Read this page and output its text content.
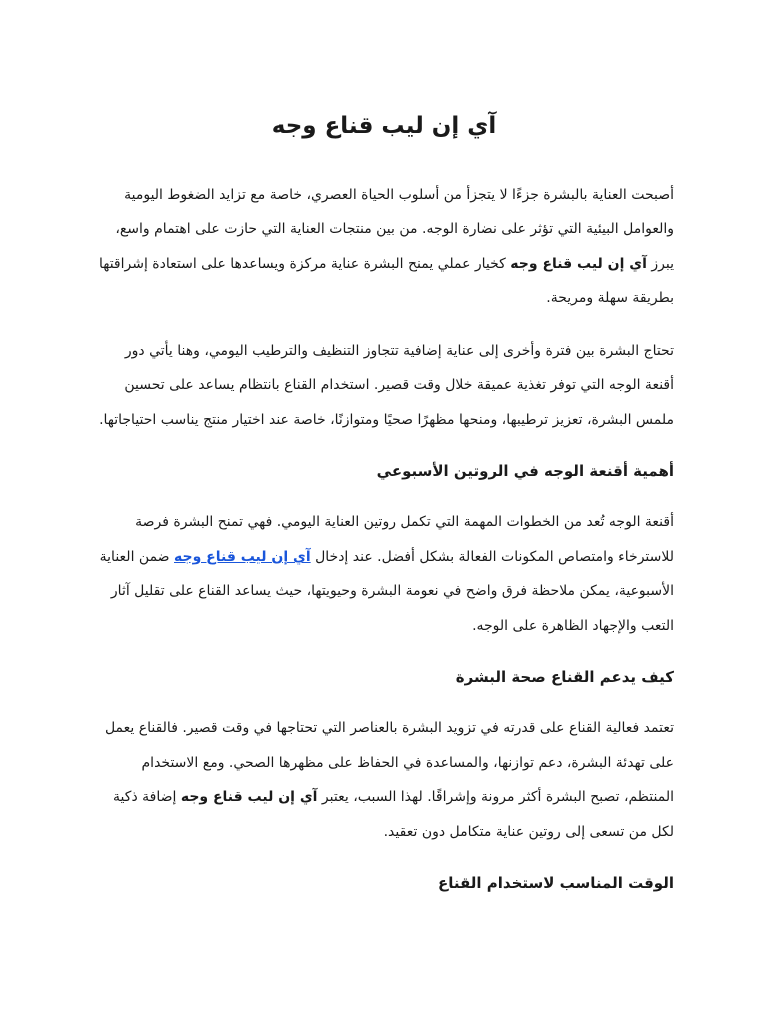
آي إن ليب قناع وجه

أصبحت العناية بالبشرة جزءًا لا يتجزأ من أسلوب الحياة العصري، خاصة مع تزايد الضغوط اليومية والعوامل البيئية التي تؤثر على نضارة الوجه. من بين منتجات العناية التي حازت على اهتمام واسع، يبرز آي إن ليب قناع وجه كخيار عملي يمنح البشرة عناية مركزة ويساعدها على استعادة إشراقتها بطريقة سهلة ومريحة.

تحتاج البشرة بين فترة وأخرى إلى عناية إضافية تتجاوز التنظيف والترطيب اليومي، وهنا يأتي دور أقنعة الوجه التي توفر تغذية عميقة خلال وقت قصير. استخدام القناع بانتظام يساعد على تحسين ملمس البشرة، تعزيز ترطيبها، ومنحها مظهرًا صحيًا ومتوازنًا، خاصة عند اختيار منتج يناسب احتياجاتها.

أهمية أقنعة الوجه في الروتين الأسبوعي

أقنعة الوجه تُعد من الخطوات المهمة التي تكمل روتين العناية اليومي. فهي تمنح البشرة فرصة للاسترخاء وامتصاص المكونات الفعالة بشكل أفضل. عند إدخال آي إن ليب قناع وجه ضمن العناية الأسبوعية، يمكن ملاحظة فرق واضح في نعومة البشرة وحيويتها، حيث يساعد القناع على تقليل آثار التعب والإجهاد الظاهرة على الوجه.

كيف يدعم القناع صحة البشرة

تعتمد فعالية القناع على قدرته في تزويد البشرة بالعناصر التي تحتاجها في وقت قصير. فالقناع يعمل على تهدئة البشرة، دعم توازنها، والمساعدة في الحفاظ على مظهرها الصحي. ومع الاستخدام المنتظم، تصبح البشرة أكثر مرونة وإشراقًا. لهذا السبب، يعتبر آي إن ليب قناع وجه إضافة ذكية لكل من تسعى إلى روتين عناية متكامل دون تعقيد.

الوقت المناسب لاستخدام القناع
